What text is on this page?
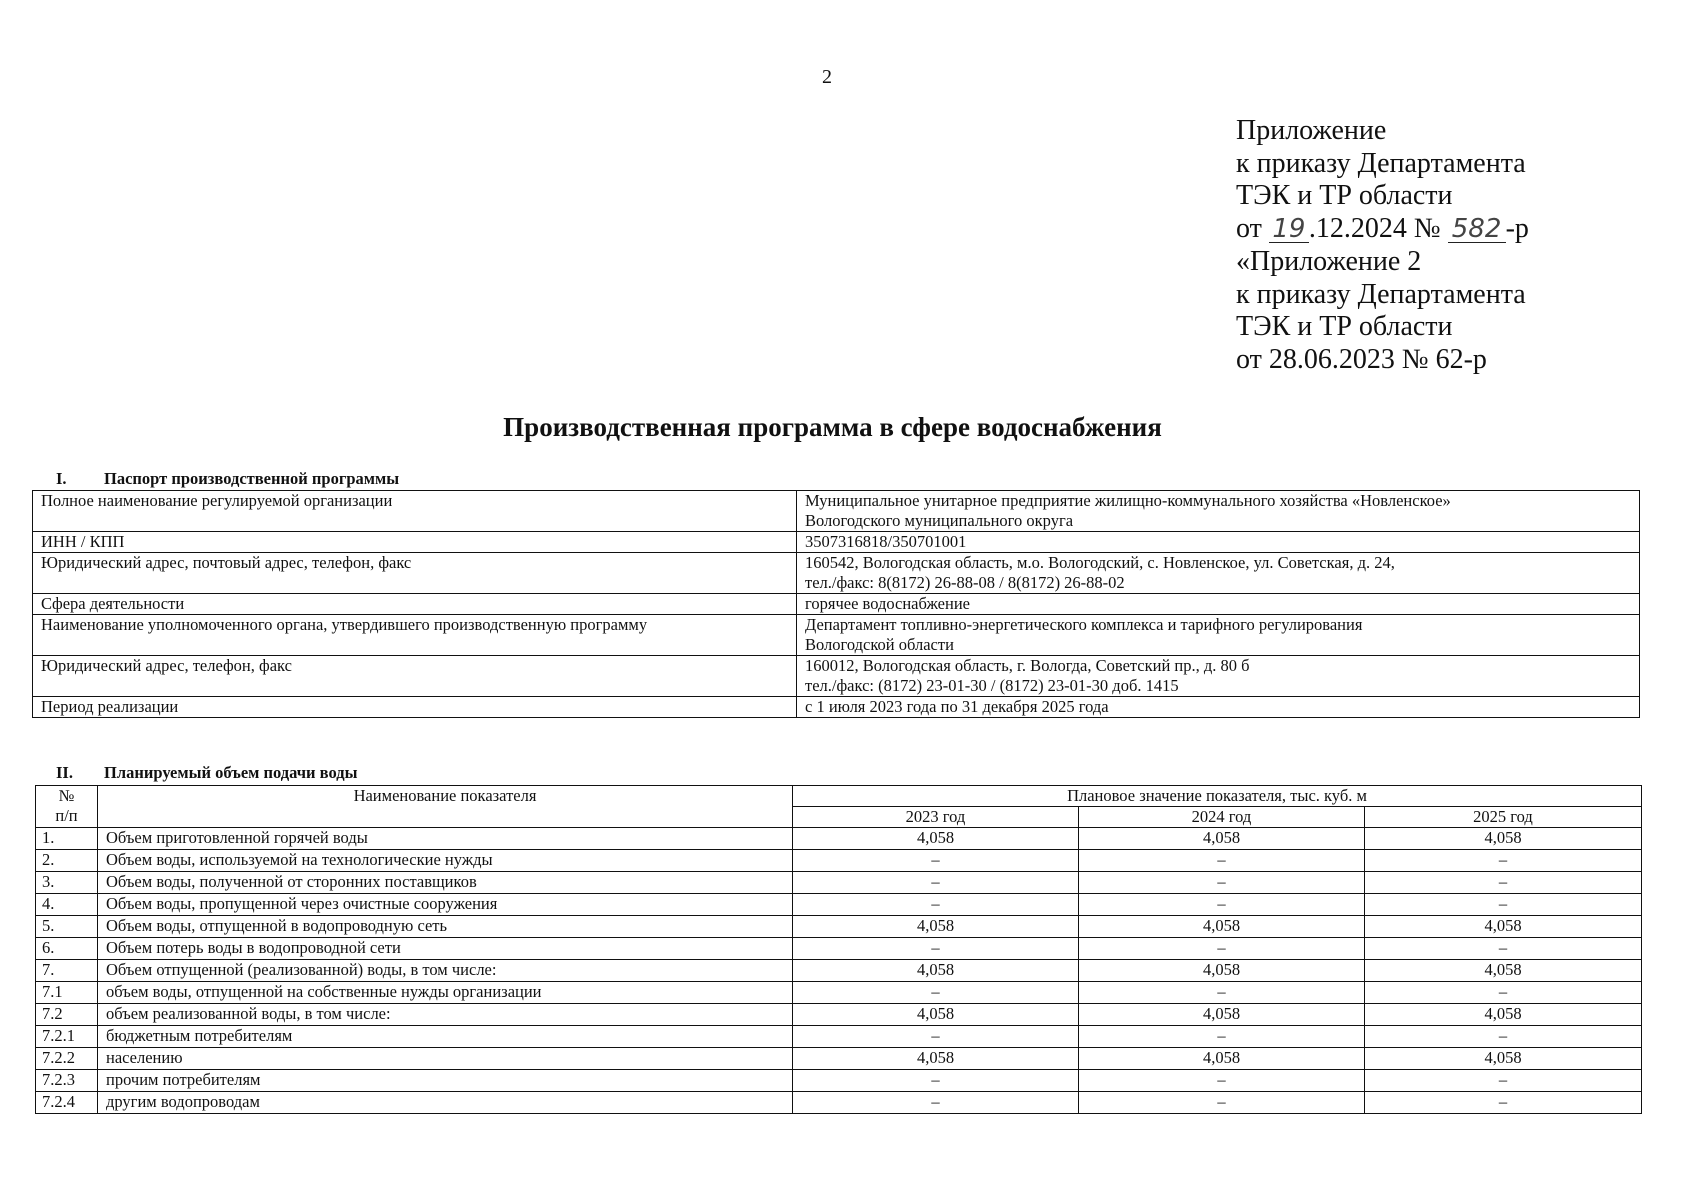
2
Приложение
к приказу Департамента
ТЭК и ТР области
от 19 .12.2024 № 582 -р
«Приложение 2
к приказу Департамента
ТЭК и ТР области
от 28.06.2023 № 62-р
Производственная программа в сфере водоснабжения
I. Паспорт производственной программы
Полное наименование регулируемой организации	Муниципальное унитарное предприятие жилищно-коммунального хозяйства «Новленское»
Вологодского муниципального округа

ИНН / КПП	3507316818/350701001

Юридический адрес, почтовый адрес, телефон, факс	160542, Вологодская область, м.о. Вологодский, с. Новленское, ул. Советская, д. 24,
тел./факс: 8(8172) 26-88-08 / 8(8172) 26-88-02

Сфера деятельности	горячее водоснабжение

Наименование уполномоченного органа, утвердившего производственную программу	Департамент топливно-энергетического комплекса и тарифного регулирования
Вологодской области

Юридический адрес, телефон, факс	160012, Вологодская область, г. Вологда, Советский пр., д. 80 б
тел./факс: (8172) 23-01-30 / (8172) 23-01-30 доб. 1415

Период реализации	с 1 июля 2023 года по 31 декабря 2025 года
II. Планируемый объем подачи воды
№
п/п	Наименование показателя	Плановое значение показателя, тыс. куб. м		
		2023 год	2024 год	2025 год
1.	Объем приготовленной горячей воды	4,058	4,058	4,058
2.	Объем воды, используемой на технологические нужды	–	–	–
3.	Объем воды, полученной от сторонних поставщиков	–	–	–
4.	Объем воды, пропущенной через очистные сооружения	–	–	–
5.	Объем воды, отпущенной в водопроводную сеть	4,058	4,058	4,058
6.	Объем потерь воды в водопроводной сети	–	–	–
7.	Объем отпущенной (реализованной) воды, в том числе:	4,058	4,058	4,058
7.1	объем воды, отпущенной на собственные нужды организации	–	–	–
7.2	объем реализованной воды, в том числе:	4,058	4,058	4,058
7.2.1	бюджетным потребителям	–	–	–
7.2.2	населению	4,058	4,058	4,058
7.2.3	прочим потребителям	–	–	–
7.2.4	другим водопроводам	–	–	–
